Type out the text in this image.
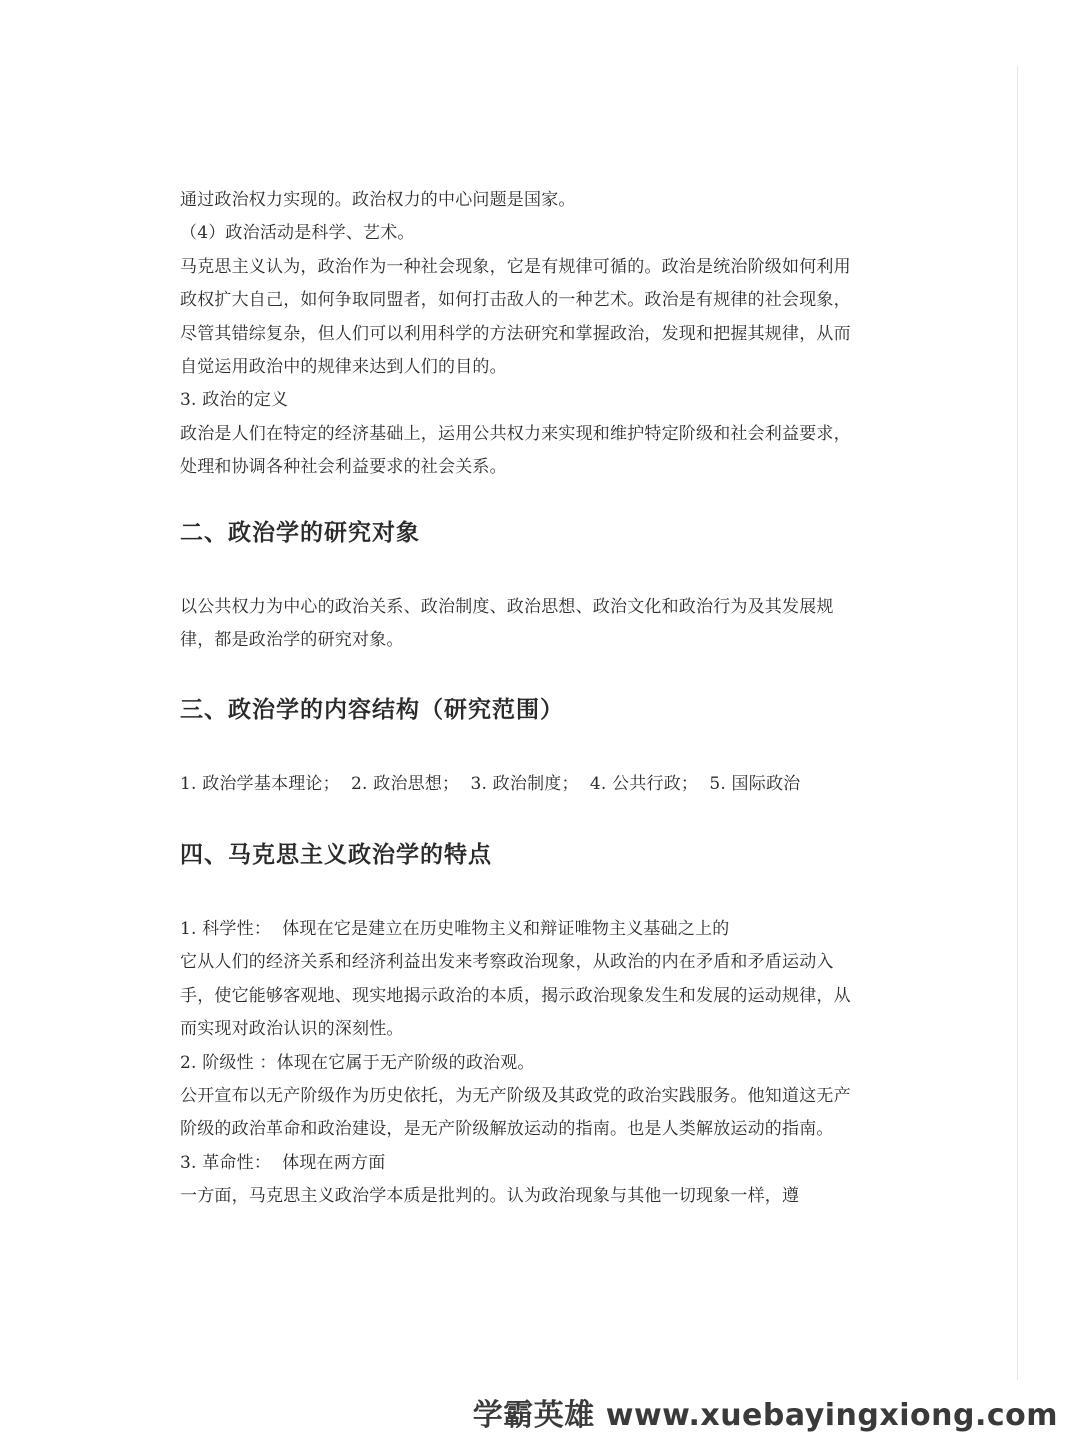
通过政治权力实现的。政治权力的中心问题是国家。

（4）政治活动是科学、艺术。

马克思主义认为，政治作为一种社会现象，它是有规律可循的。政治是统治阶级如何利用政权扩大自己，如何争取同盟者，如何打击敌人的一种艺术。政治是有规律的社会现象，尽管其错综复杂，但人们可以利用科学的方法研究和掌握政治，发现和把握其规律，从而自觉运用政治中的规律来达到人们的目的。

3. 政治的定义

政治是人们在特定的经济基础上，运用公共权力来实现和维护特定阶级和社会利益要求，处理和协调各种社会利益要求的社会关系。

二、政治学的研究对象

以公共权力为中心的政治关系、政治制度、政治思想、政治文化和政治行为及其发展规律，都是政治学的研究对象。

三、政治学的内容结构（研究范围）

1. 政治学基本理论；  2. 政治思想；  3. 政治制度；  4. 公共行政；  5. 国际政治

四、马克思主义政治学的特点

1. 科学性：  体现在它是建立在历史唯物主义和辩证唯物主义基础之上的

它从人们的经济关系和经济利益出发来考察政治现象，从政治的内在矛盾和矛盾运动入手，使它能够客观地、现实地揭示政治的本质，揭示政治现象发生和发展的运动规律，从而实现对政治认识的深刻性。

2. 阶级性 ：体现在它属于无产阶级的政治观。

公开宣布以无产阶级作为历史依托，为无产阶级及其政党的政治实践服务。他知道这无产阶级的政治革命和政治建设，是无产阶级解放运动的指南。也是人类解放运动的指南。

3. 革命性：  体现在两方面

一方面，马克思主义政治学本质是批判的。认为政治现象与其他一切现象一样，遵

学霸英雄 www.xuebayingxiong.com
